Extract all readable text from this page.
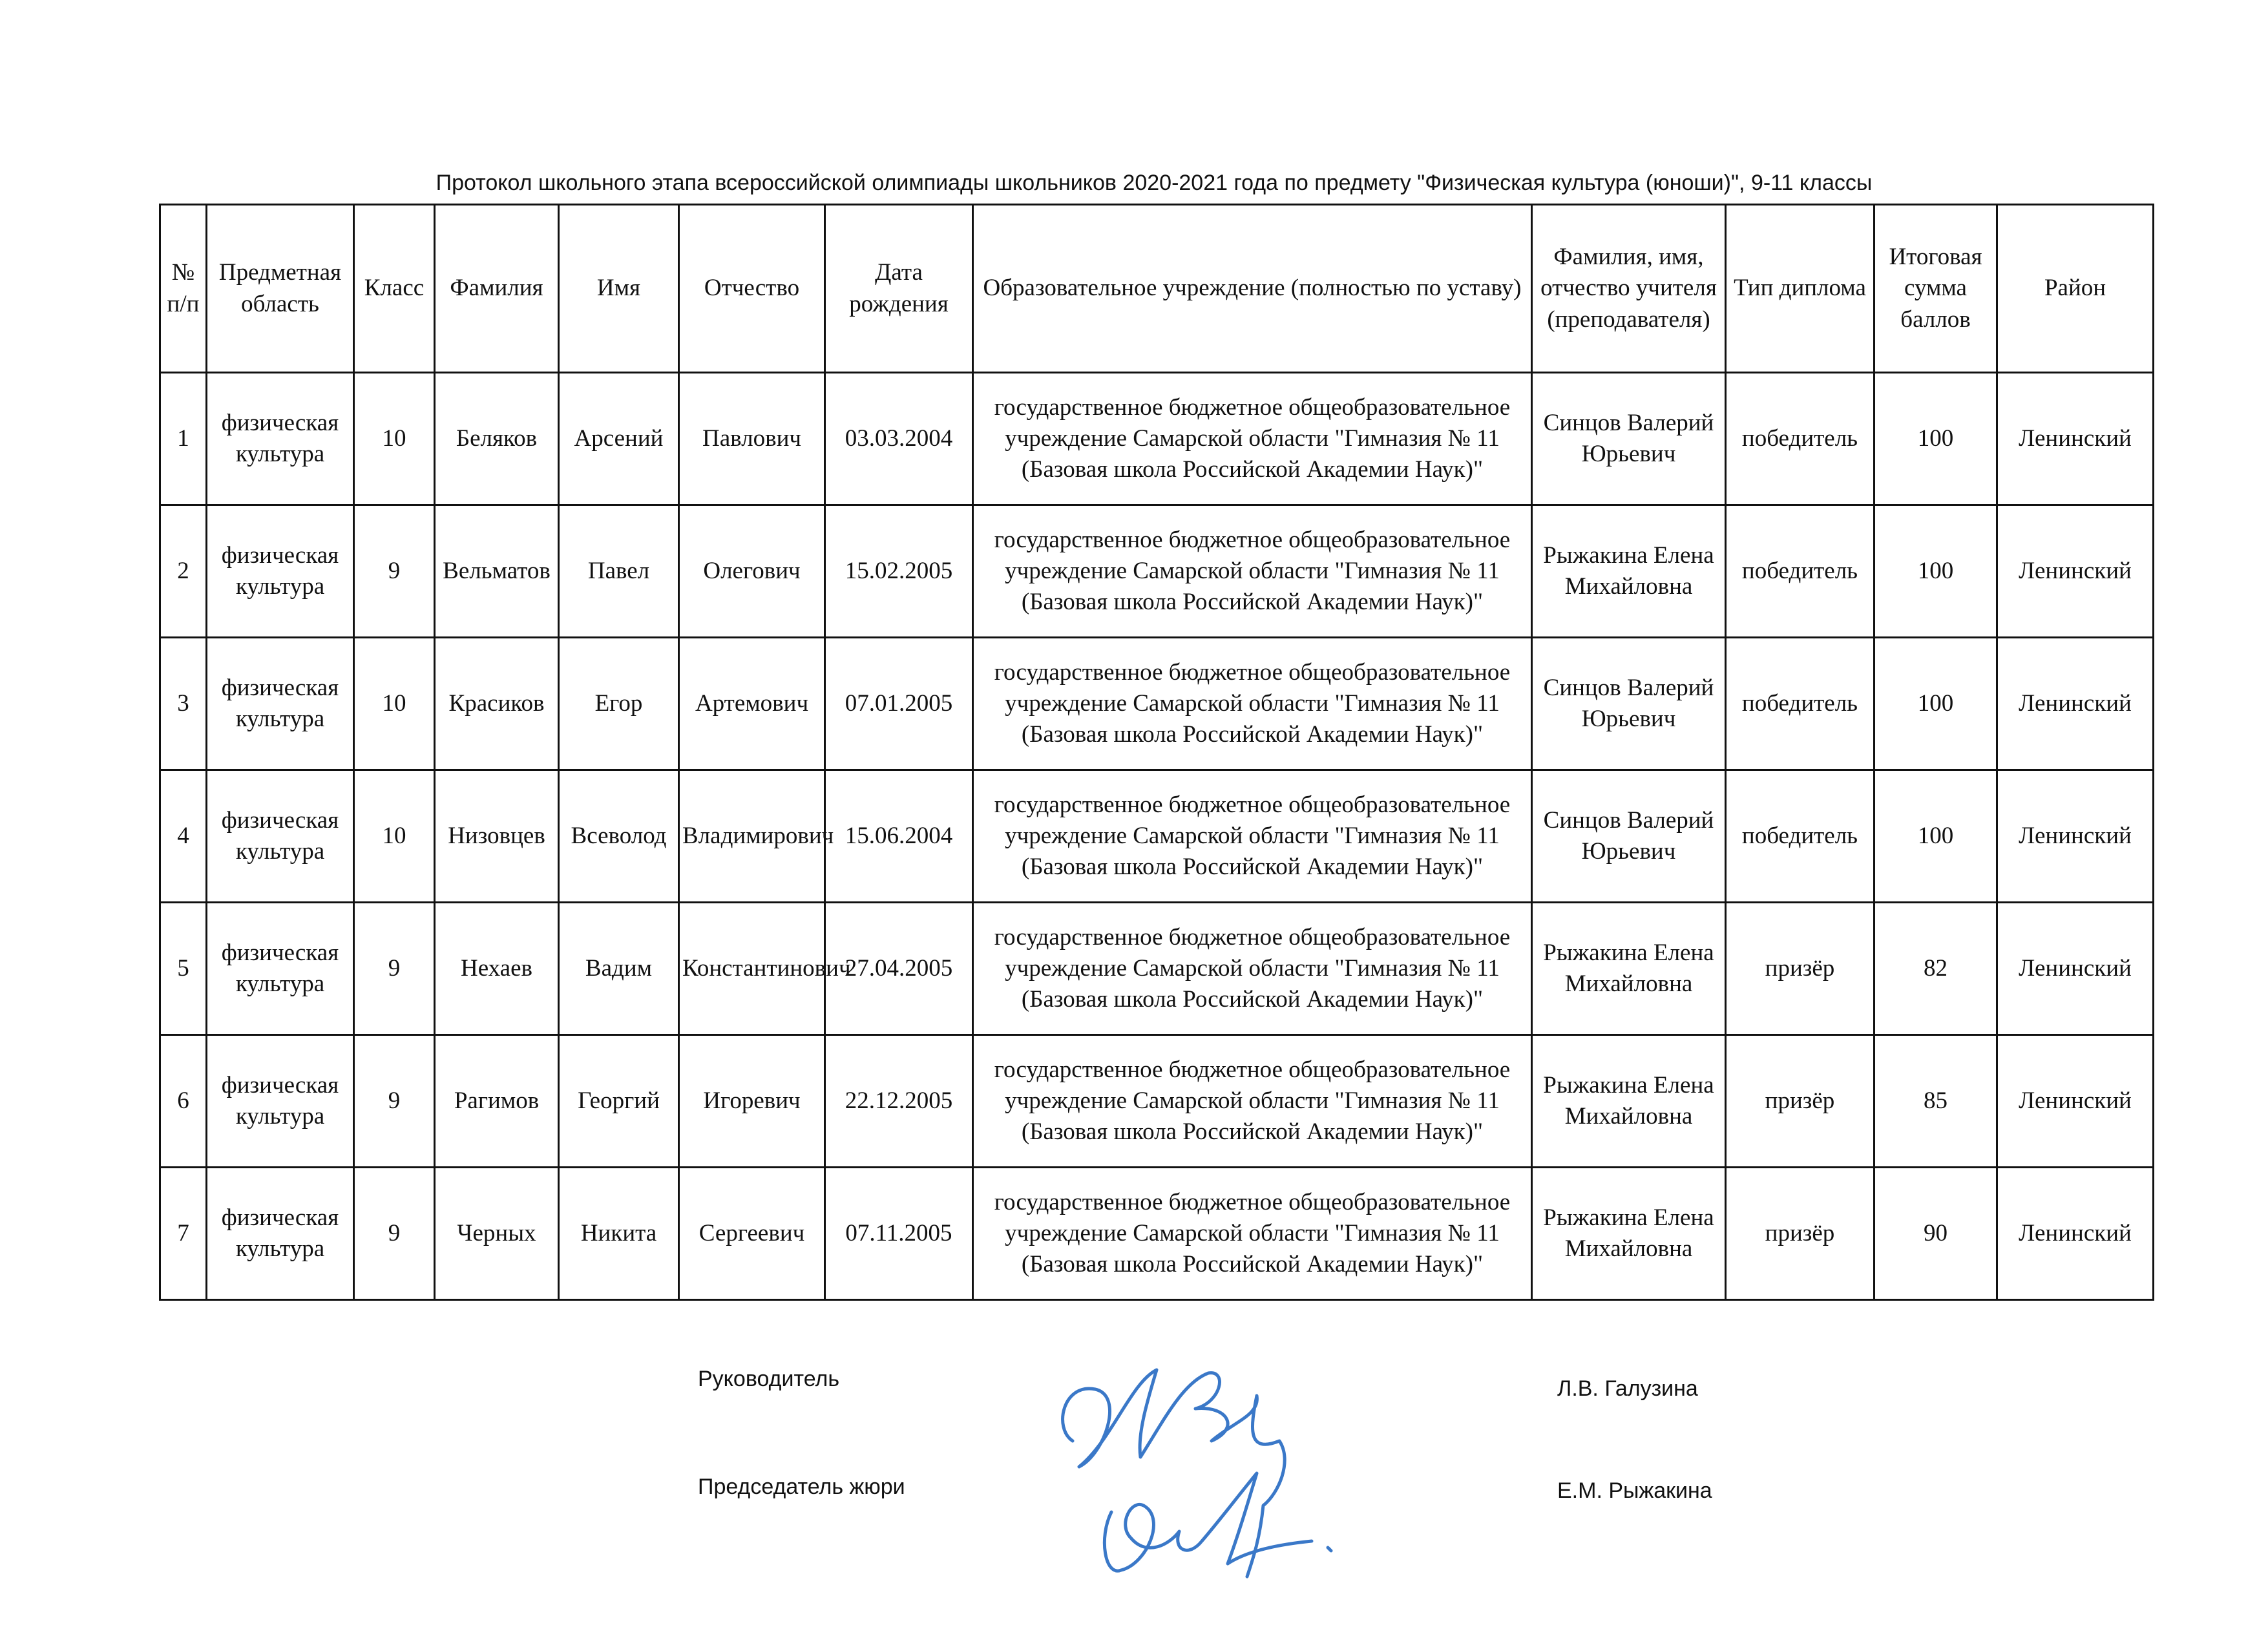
Протокол школьного этапа всероссийской олимпиады школьников 2020-2021 года по предмету "Физическая культура (юноши)", 9-11 классы
№ п/п	Предметная область	Класс	Фамилия	Имя	Отчество	Дата рождения	Образовательное учреждение (полностью по уставу)	Фамилия, имя, отчество учителя (преподавателя)	Тип диплома	Итоговая сумма баллов	Район
1	физическая культура	10	Беляков	Арсений	Павлович	03.03.2004	государственное бюджетное общеобразовательное учреждение Самарской области "Гимназия № 11 (Базовая школа Российской Академии Наук)"	Синцов Валерий Юрьевич	победитель	100	Ленинский
2	физическая культура	9	Вельматов	Павел	Олегович	15.02.2005	государственное бюджетное общеобразовательное учреждение Самарской области "Гимназия № 11 (Базовая школа Российской Академии Наук)"	Рыжакина Елена Михайловна	победитель	100	Ленинский
3	физическая культура	10	Красиков	Егор	Артемович	07.01.2005	государственное бюджетное общеобразовательное учреждение Самарской области "Гимназия № 11 (Базовая школа Российской Академии Наук)"	Синцов Валерий Юрьевич	победитель	100	Ленинский
4	физическая культура	10	Низовцев	Всеволод	Владимирович	15.06.2004	государственное бюджетное общеобразовательное учреждение Самарской области "Гимназия № 11 (Базовая школа Российской Академии Наук)"	Синцов Валерий Юрьевич	победитель	100	Ленинский
5	физическая культура	9	Нехаев	Вадим	Константинович	27.04.2005	государственное бюджетное общеобразовательное учреждение Самарской области "Гимназия № 11 (Базовая школа Российской Академии Наук)"	Рыжакина Елена Михайловна	призёр	82	Ленинский
6	физическая культура	9	Рагимов	Георгий	Игоревич	22.12.2005	государственное бюджетное общеобразовательное учреждение Самарской области "Гимназия № 11 (Базовая школа Российской Академии Наук)"	Рыжакина Елена Михайловна	призёр	85	Ленинский
7	физическая культура	9	Черных	Никита	Сергеевич	07.11.2005	государственное бюджетное общеобразовательное учреждение Самарской области "Гимназия № 11 (Базовая школа Российской Академии Наук)"	Рыжакина Елена Михайловна	призёр	90	Ленинский
Руководитель	Л.В. Галузина
Председатель жюри	Е.М. Рыжакина
